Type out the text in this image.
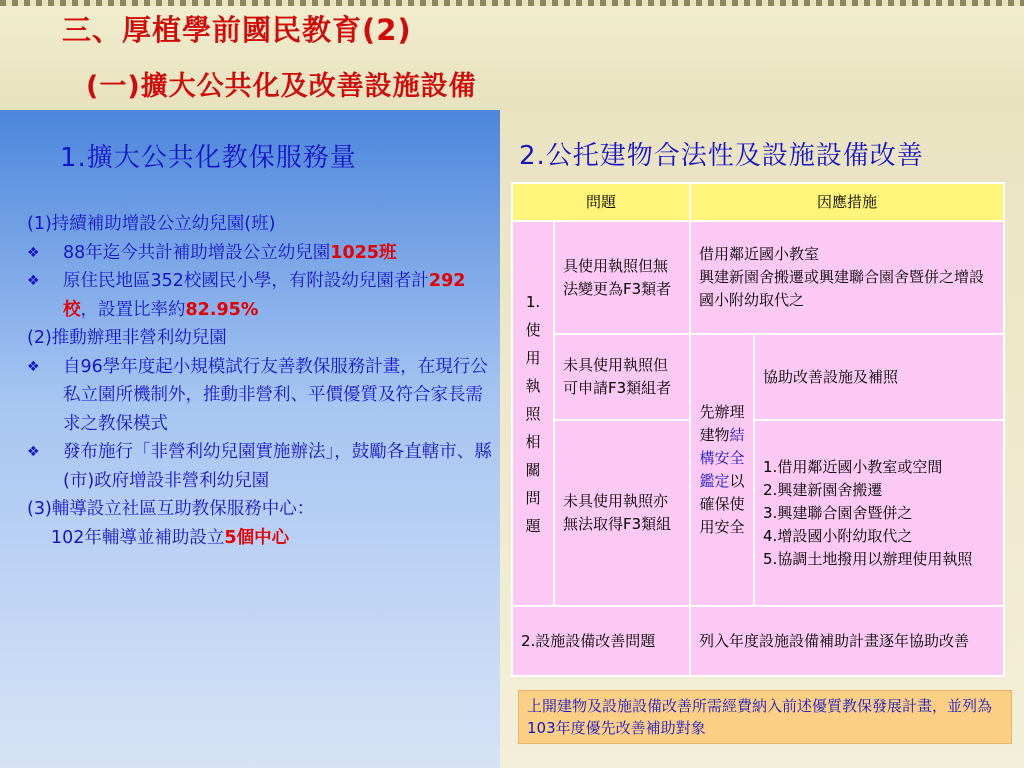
三、厚植學前國民教育(2)
(一)擴大公共化及改善設施設備
1.擴大公共化教保服務量	2.公托建物合法性及設施設備改善

(1)持續補助增設公立幼兒園(班)

❖	88年迄今共計補助增設公立幼兒園1025班
❖	原住民地區352校國民小學，有附設幼兒園者計292校，設置比率約82.95%

(2)推動辦理非營利幼兒園

❖	自96學年度起小規模試行友善教保服務計畫，在現行公私立園所機制外，推動非營利、平價優質及符合家長需求之教保模式
❖	發布施行「非營利幼兒園實施辦法」，鼓勵各直轄市、縣(市)政府增設非營利幼兒園

(3)輔導設立社區互助教保服務中心：

102年輔導並補助設立5個中心

問題		因應措施	
1.使用執照相關問題	具使用執照但無法變更為F3類者	借用鄰近國小教室
興建新園舍搬遷或興建聯合園舍暨併之增設國小附幼取代之	
	未具使用執照但可申請F3類組者	先辦理建物結構安全鑑定以確保使用安全	協助改善設施及補照
	未具使用執照亦無法取得F3類組		1.借用鄰近國小教室或空間
2.興建新園舍搬遷
3.興建聯合園舍暨併之
4.增設國小附幼取代之
5.協調土地撥用以辦理使用執照
2.設施設備改善問題		列入年度設施設備補助計畫逐年協助改善	
上開建物及設施設備改善所需經費納入前述優質教保發展計畫，並列為103年度優先改善補助對象
